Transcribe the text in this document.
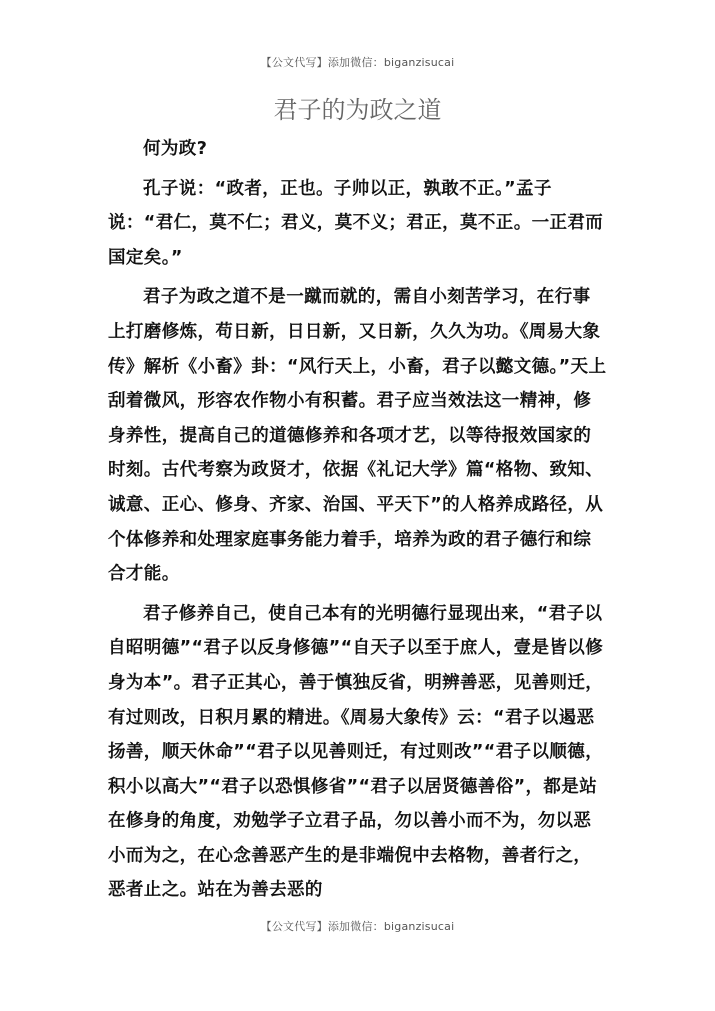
【公文代写】添加微信：biganzisucai
君子的为政之道

何为政?

孔子说：“政者，正也。子帅以正，孰敢不正。”孟子说：“君仁，莫不仁；君义，莫不义；君正，莫不正。一正君而国定矣。”

君子为政之道不是一蹴而就的，需自小刻苦学习，在行事上打磨修炼，苟日新，日日新，又日新，久久为功。《周易大象传》解析《小畜》卦：“风行天上，小畜，君子以懿文德。”天上刮着微风，形容农作物小有积蓄。君子应当效法这一精神，修身养性，提高自己的道德修养和各项才艺，以等待报效国家的时刻。古代考察为政贤才，依据《礼记大学》篇“格物、致知、诚意、正心、修身、齐家、治国、平天下”的人格养成路径，从个体修养和处理家庭事务能力着手，培养为政的君子德行和综合才能。

君子修养自己，使自己本有的光明德行显现出来，“君子以自昭明德”“君子以反身修德”“自天子以至于庶人，壹是皆以修身为本”。君子正其心，善于慎独反省，明辨善恶，见善则迁，有过则改，日积月累的精进。《周易大象传》云：“君子以遏恶扬善，顺天休命”“君子以见善则迁，有过则改”“君子以顺德，积小以高大”“君子以恐惧修省”“君子以居贤德善俗”，都是站在修身的角度，劝勉学子立君子品，勿以善小而不为，勿以恶小而为之，在心念善恶产生的是非端倪中去格物，善者行之，恶者止之。站在为善去恶的

【公文代写】添加微信：biganzisucai
